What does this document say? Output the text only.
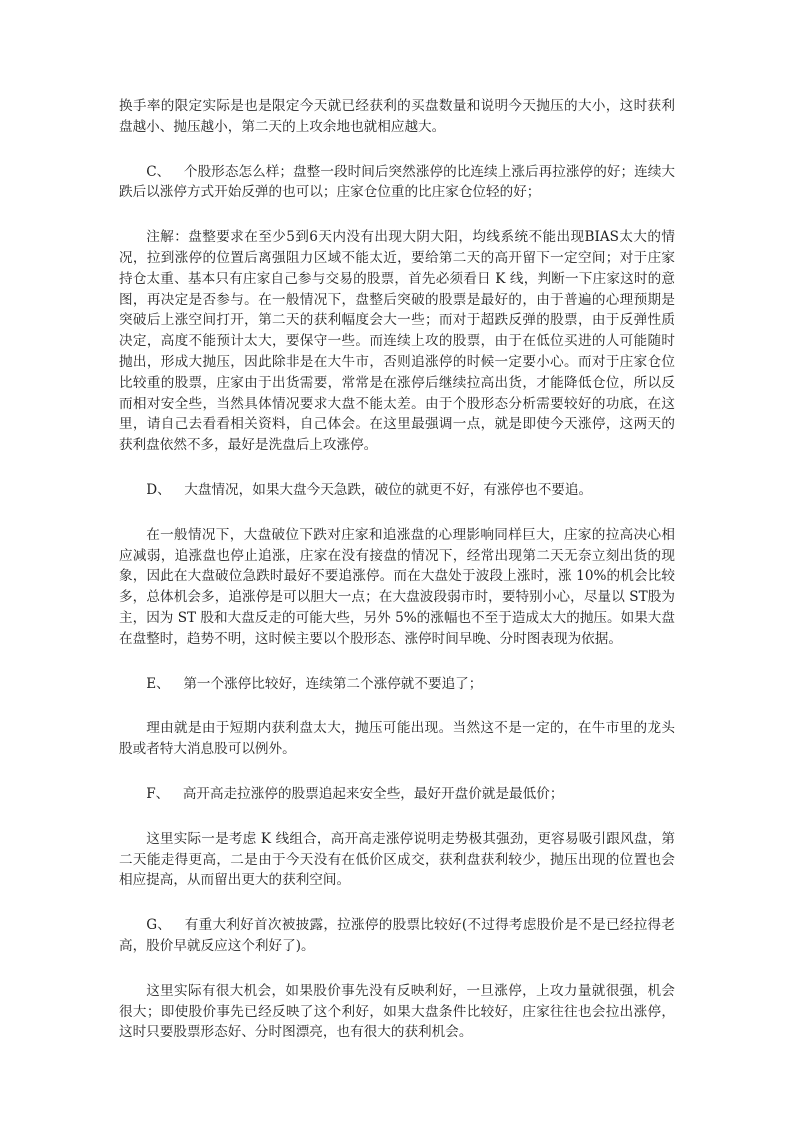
换手率的限定实际是也是限定今天就已经获利的买盘数量和说明今天抛压的大小，这时获利盘越小、抛压越小，第二天的上攻余地也就相应越大。

C、 个股形态怎么样；盘整一段时间后突然涨停的比连续上涨后再拉涨停的好；连续大跌后以涨停方式开始反弹的也可以；庄家仓位重的比庄家仓位轻的好；

注解：盘整要求在至少5到6天内没有出现大阴大阳，均线系统不能出现BIAS太大的情况，拉到涨停的位置后离强阻力区域不能太近，要给第二天的高开留下一定空间；对于庄家持仓太重、基本只有庄家自己参与交易的股票，首先必须看日 K 线，判断一下庄家这时的意图，再决定是否参与。在一般情况下，盘整后突破的股票是最好的，由于普遍的心理预期是突破后上涨空间打开，第二天的获利幅度会大一些；而对于超跌反弹的股票，由于反弹性质决定，高度不能预计太大，要保守一些。而连续上攻的股票，由于在低位买进的人可能随时抛出，形成大抛压，因此除非是在大牛市，否则追涨停的时候一定要小心。而对于庄家仓位比较重的股票，庄家由于出货需要，常常是在涨停后继续拉高出货，才能降低仓位，所以反而相对安全些，当然具体情况要求大盘不能太差。由于个股形态分析需要较好的功底，在这里，请自己去看看相关资料，自己体会。在这里最强调一点，就是即使今天涨停，这两天的获利盘依然不多，最好是洗盘后上攻涨停。

D、 大盘情况，如果大盘今天急跌，破位的就更不好，有涨停也不要追。

在一般情况下，大盘破位下跌对庄家和追涨盘的心理影响同样巨大，庄家的拉高决心相应减弱，追涨盘也停止追涨，庄家在没有接盘的情况下，经常出现第二天无奈立刻出货的现象，因此在大盘破位急跌时最好不要追涨停。而在大盘处于波段上涨时，涨 10%的机会比较多，总体机会多，追涨停是可以胆大一点；在大盘波段弱市时，要特别小心，尽量以 ST股为主，因为 ST 股和大盘反走的可能大些，另外 5%的涨幅也不至于造成太大的抛压。如果大盘在盘整时，趋势不明，这时候主要以个股形态、涨停时间早晚、分时图表现为依据。

E、 第一个涨停比较好，连续第二个涨停就不要追了；

理由就是由于短期内获利盘太大，抛压可能出现。当然这不是一定的，在牛市里的龙头股或者特大消息股可以例外。

F、 高开高走拉涨停的股票追起来安全些，最好开盘价就是最低价；

这里实际一是考虑 K 线组合，高开高走涨停说明走势极其强劲，更容易吸引跟风盘，第二天能走得更高，二是由于今天没有在低价区成交，获利盘获利较少，抛压出现的位置也会相应提高，从而留出更大的获利空间。

G、 有重大利好首次被披露，拉涨停的股票比较好(不过得考虑股价是不是已经拉得老高，股价早就反应这个利好了)。

这里实际有很大机会，如果股价事先没有反映利好，一旦涨停，上攻力量就很强，机会很大；即使股价事先已经反映了这个利好，如果大盘条件比较好，庄家往往也会拉出涨停，这时只要股票形态好、分时图漂亮，也有很大的获利机会。
